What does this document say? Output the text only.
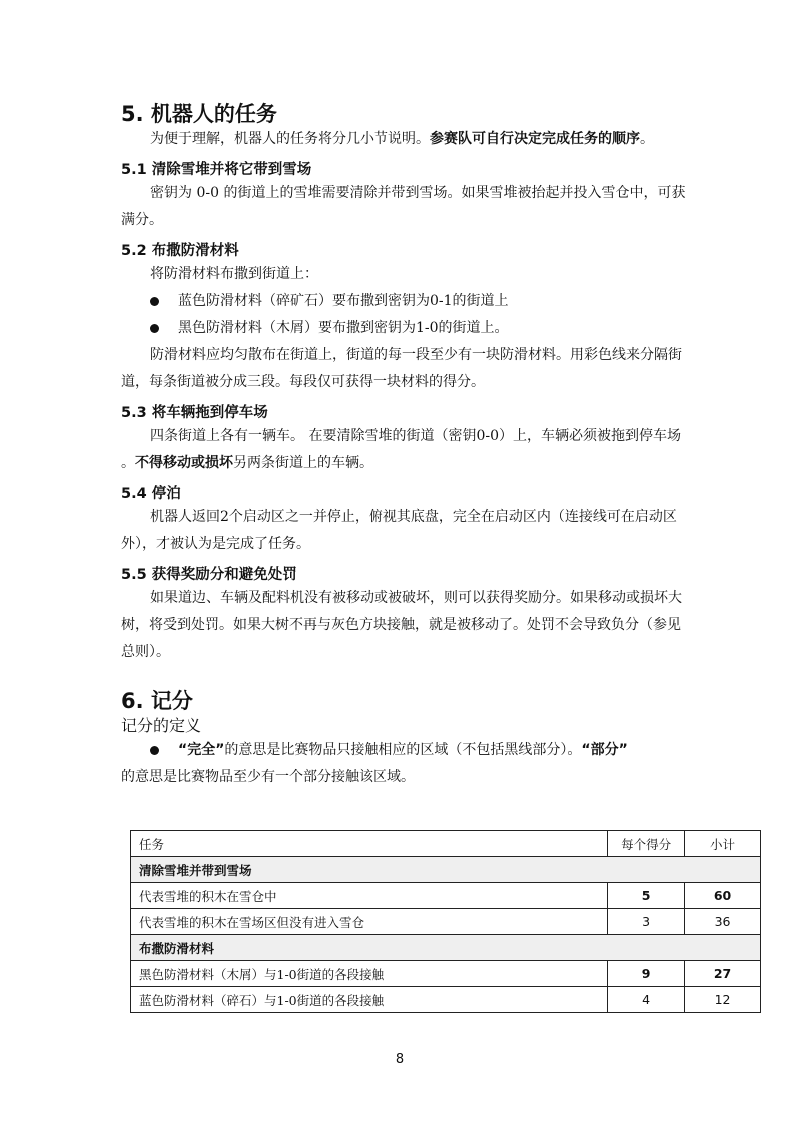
5. 机器人的任务
为便于理解，机器人的任务将分几小节说明。参赛队可自行决定完成任务的顺序。
5.1 清除雪堆并将它带到雪场
密钥为 0-0 的街道上的雪堆需要清除并带到雪场。如果雪堆被抬起并投入雪仓中，可获
满分。
5.2 布撒防滑材料
将防滑材料布撒到街道上：
蓝色防滑材料（碎矿石）要布撒到密钥为0-1的街道上
黑色防滑材料（木屑）要布撒到密钥为1-0的街道上。
防滑材料应均匀散布在街道上，街道的每一段至少有一块防滑材料。用彩色线来分隔街
道，每条街道被分成三段。每段仅可获得一块材料的得分。
5.3 将车辆拖到停车场
四条街道上各有一辆车。 在要清除雪堆的街道（密钥0-0）上，车辆必须被拖到停车场
。不得移动或损坏另两条街道上的车辆。
5.4 停泊
机器人返回2个启动区之一并停止，俯视其底盘，完全在启动区内（连接线可在启动区
外），才被认为是完成了任务。
5.5 获得奖励分和避免处罚
如果道边、车辆及配料机没有被移动或被破坏，则可以获得奖励分。如果移动或损坏大
树，将受到处罚。如果大树不再与灰色方块接触，就是被移动了。处罚不会导致负分（参见
总则）。
6. 记分
记分的定义
“完全”的意思是比赛物品只接触相应的区域（不包括黑线部分）。“部分”
的意思是比赛物品至少有一个部分接触该区域。
任务	每个得分	小计
清除雪堆并带到雪场		
代表雪堆的积木在雪仓中	5	60
代表雪堆的积木在雪场区但没有进入雪仓	3	36
布撒防滑材料		
黑色防滑材料（木屑）与1-0街道的各段接触	9	27
蓝色防滑材料（碎石）与1-0街道的各段接触	4	12
8
